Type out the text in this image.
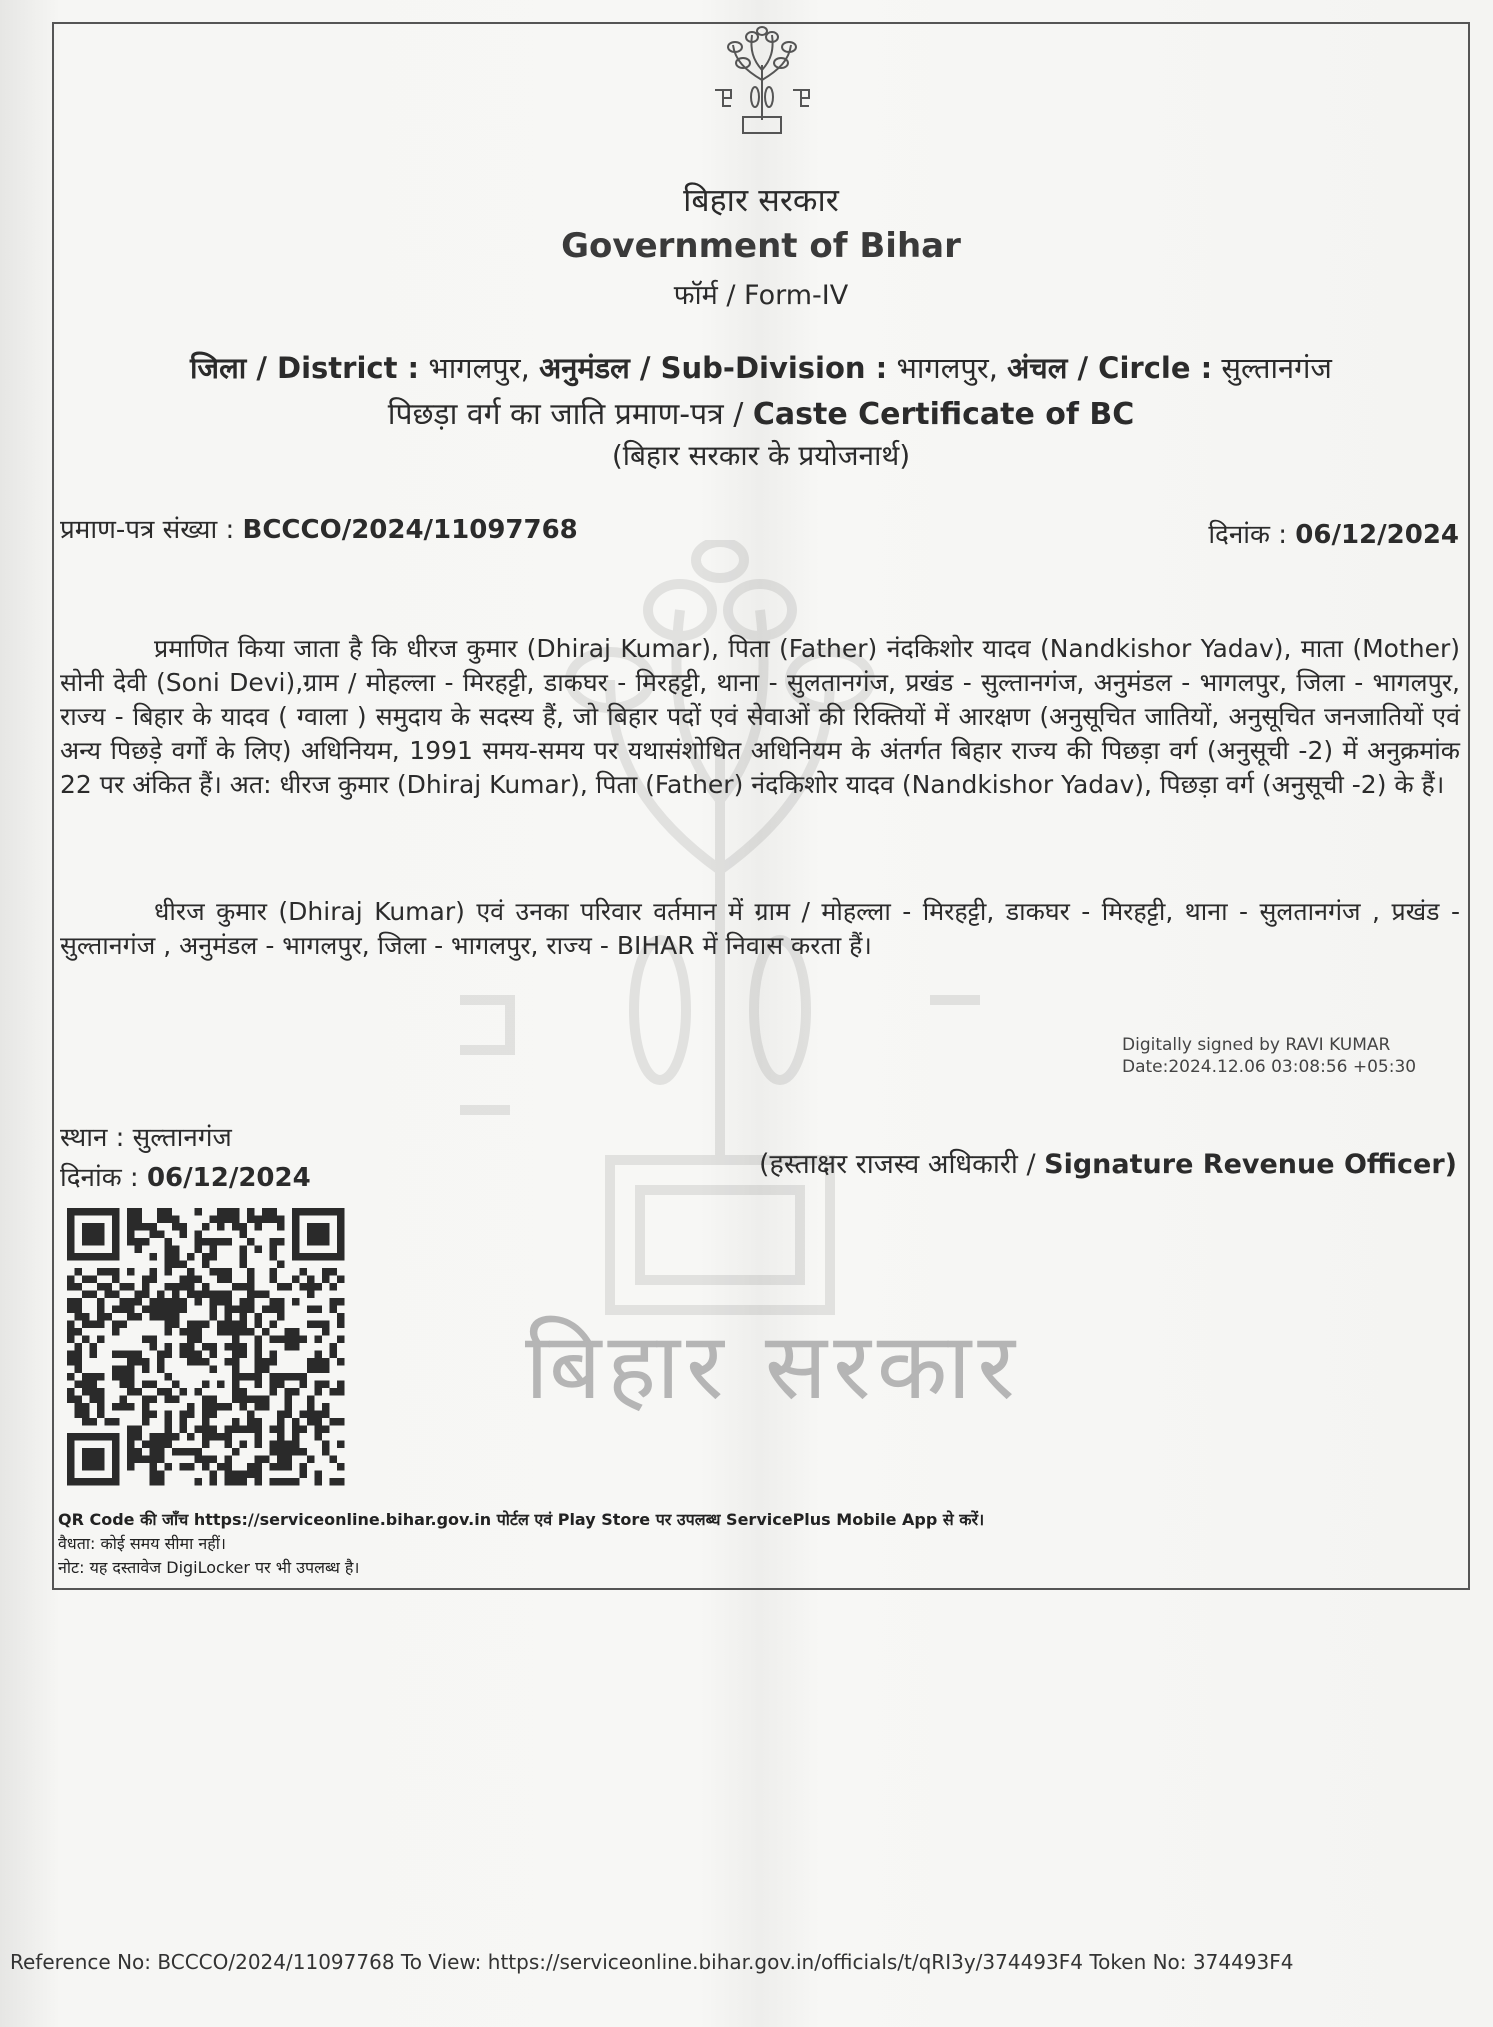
बिहार सरकार
बिहार सरकार
Government of Bihar
फॉर्म / Form-IV
जिला / District : भागलपुर, अनुमंडल / Sub-Division : भागलपुर, अंचल / Circle : सुल्तानगंज
पिछड़ा वर्ग का जाति प्रमाण-पत्र / Caste Certificate of BC
(बिहार सरकार के प्रयोजनार्थ)
प्रमाण-पत्र संख्या : BCCCO/2024/11097768	दिनांक : 06/12/2024

प्रमाणित किया जाता है कि धीरज कुमार (Dhiraj Kumar), पिता (Father) नंदकिशोर यादव (Nandkishor Yadav), माता (Mother) सोनी देवी (Soni Devi),ग्राम / मोहल्ला - मिरहट्टी, डाकघर - मिरहट्टी, थाना - सुलतानगंज, प्रखंड - सुल्तानगंज, अनुमंडल - भागलपुर, जिला - भागलपुर, राज्य - बिहार के यादव ( ग्वाला ) समुदाय के सदस्य हैं, जो बिहार पदों एवं सेवाओं की रिक्तियों में आरक्षण (अनुसूचित जातियों, अनुसूचित जनजातियों एवं अन्य पिछड़े वर्गों के लिए) अधिनियम, 1991 समय-समय पर यथासंशोधित अधिनियम के अंतर्गत बिहार राज्य की पिछड़ा वर्ग (अनुसूची -2) में अनुक्रमांक 22 पर अंकित हैं। अत: धीरज कुमार (Dhiraj Kumar), पिता (Father) नंदकिशोर यादव (Nandkishor Yadav), पिछड़ा वर्ग (अनुसूची -2) के हैं।

धीरज कुमार (Dhiraj Kumar) एवं उनका परिवार वर्तमान में ग्राम / मोहल्ला - मिरहट्टी, डाकघर - मिरहट्टी, थाना - सुलतानगंज , प्रखंड - सुल्तानगंज , अनुमंडल - भागलपुर, जिला - भागलपुर, राज्य - BIHAR में निवास करता हैं।

Digitally signed by RAVI KUMAR
Date:2024.12.06 03:08:56 +05:30
स्थान : सुल्तानगंज
दिनांक : 06/12/2024	(हस्ताक्षर राजस्व अधिकारी / Signature Revenue Officer)
QR Code की जाँच https://serviceonline.bihar.gov.in पोर्टल एवं Play Store पर उपलब्ध ServicePlus Mobile App से करें।
वैधता: कोई समय सीमा नहीं।
नोट: यह दस्तावेज DigiLocker पर भी उपलब्ध है।
Reference No: BCCCO/2024/11097768 To View: https://serviceonline.bihar.gov.in/officials/t/qRI3y/374493F4 Token No: 374493F4
